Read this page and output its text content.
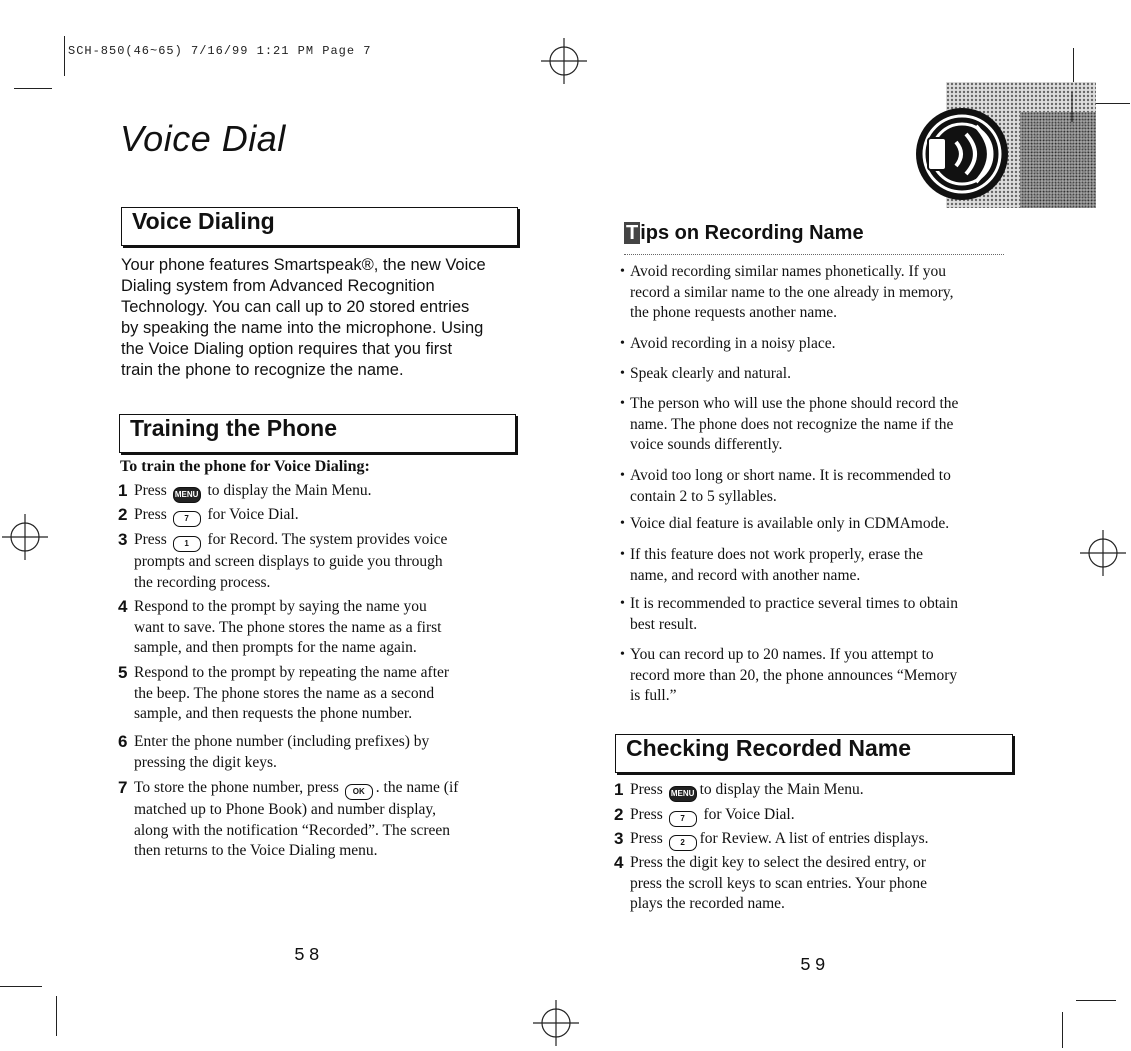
SCH-850(46~65) 7/16/99 1:21 PM Page 7
Voice Dial
Voice Dialing
Your phone features Smartspeak®, the new Voice
Dialing system from Advanced Recognition
Technology. You can call up to 20 stored entries
by speaking the name into the microphone. Using
the Voice Dialing option requires that you first
train the phone to recognize the name.
Training the Phone
To train the phone for Voice Dialing:
1 Press MENU to display the Main Menu.
2 Press 7 for Voice Dial.
3 Press 1 for Record. The system provides voice
prompts and screen displays to guide you through
the recording process.
4 Respond to the prompt by saying the name you
want to save. The phone stores the name as a first
sample, and then prompts for the name again.
5 Respond to the prompt by repeating the name after
the beep. The phone stores the name as a second
sample, and then requests the phone number.
6 Enter the phone number (including prefixes) by
pressing the digit keys.
7 To store the phone number, press OK . the name (if
matched up to Phone Book) and number display,
along with the notification “Recorded”. The screen
then returns to the Voice Dialing menu.
58
T ips on Recording Name
• Avoid recording similar names phonetically. If you
record a similar name to the one already in memory,
the phone requests another name.
• Avoid recording in a noisy place.
• Speak clearly and natural.
• The person who will use the phone should record the
name. The phone does not recognize the name if the
voice sounds differently.
• Avoid too long or short name. It is recommended to
contain 2 to 5 syllables.
• Voice dial feature is available only in CDMAmode.
• If this feature does not work properly, erase the
name, and record with another name.
• It is recommended to practice several times to obtain
best result.
• You can record up to 20 names. If you attempt to
record more than 20, the phone announces “Memory
is full.”
Checking Recorded Name
1 Press MENU to display the Main Menu.
2 Press 7 for Voice Dial.
3 Press 2 for Review. A list of entries displays.
4 Press the digit key to select the desired entry, or
press the scroll keys to scan entries. Your phone
plays the recorded name.
59
